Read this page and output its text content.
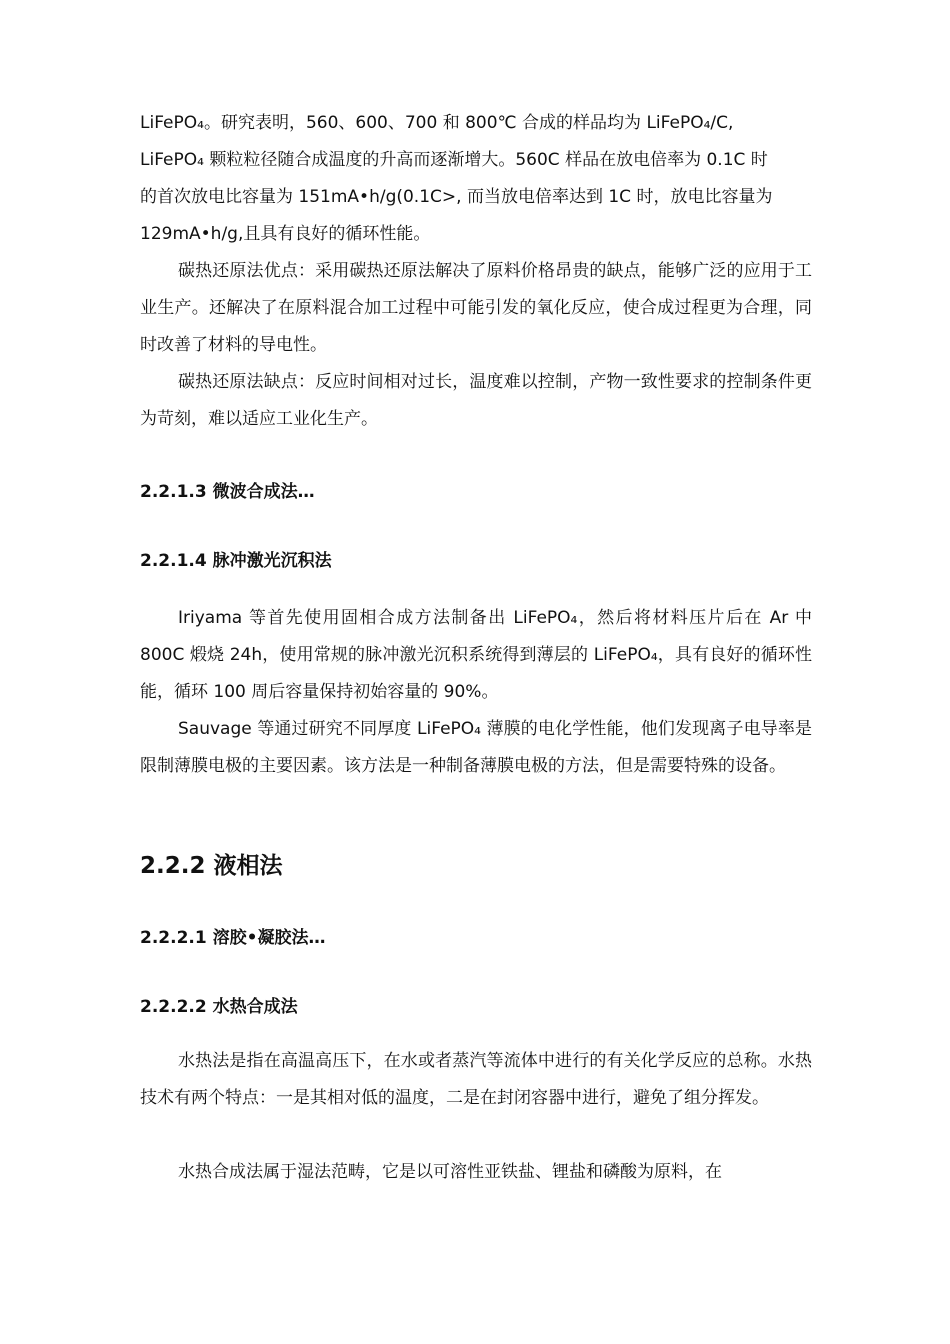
LiFePO₄。研究表明，560、600、700 和 800℃ 合成的样品均为 LiFePO₄/C,
LiFePO₄ 颗粒粒径随合成温度的升高而逐渐增大。560C 样品在放电倍率为 0.1C 时
的首次放电比容量为 151mA•h/g(0.1C>, 而当放电倍率达到 1C 时，放电比容量为
129mA•h/g,且具有良好的循环性能。

碳热还原法优点：采用碳热还原法解决了原料价格昂贵的缺点，能够广泛的应用于工业生产。还解决了在原料混合加工过程中可能引发的氧化反应，使合成过程更为合理，同时改善了材料的导电性。

碳热还原法缺点：反应时间相对过长，温度难以控制，产物一致性要求的控制条件更为苛刻，难以适应工业化生产。

2.2.1.3 微波合成法…
2.2.1.4 脉冲激光沉积法

Iriyama 等首先使用固相合成方法制备出 LiFePO₄，然后将材料压片后在 Ar 中 800C 煅烧 24h，使用常规的脉冲激光沉积系统得到薄层的 LiFePO₄，具有良好的循环性能，循环 100 周后容量保持初始容量的 90%。

Sauvage 等通过研究不同厚度 LiFePO₄ 薄膜的电化学性能，他们发现离子电导率是限制薄膜电极的主要因素。该方法是一种制备薄膜电极的方法，但是需要特殊的设备。

2.2.2 液相法
2.2.2.1 溶胶•凝胶法…
2.2.2.2 水热合成法

水热法是指在高温高压下，在水或者蒸汽等流体中进行的有关化学反应的总称。水热技术有两个特点：一是其相对低的温度，二是在封闭容器中进行，避免了组分挥发。

水热合成法属于湿法范畴，它是以可溶性亚铁盐、锂盐和磷酸为原料，在
